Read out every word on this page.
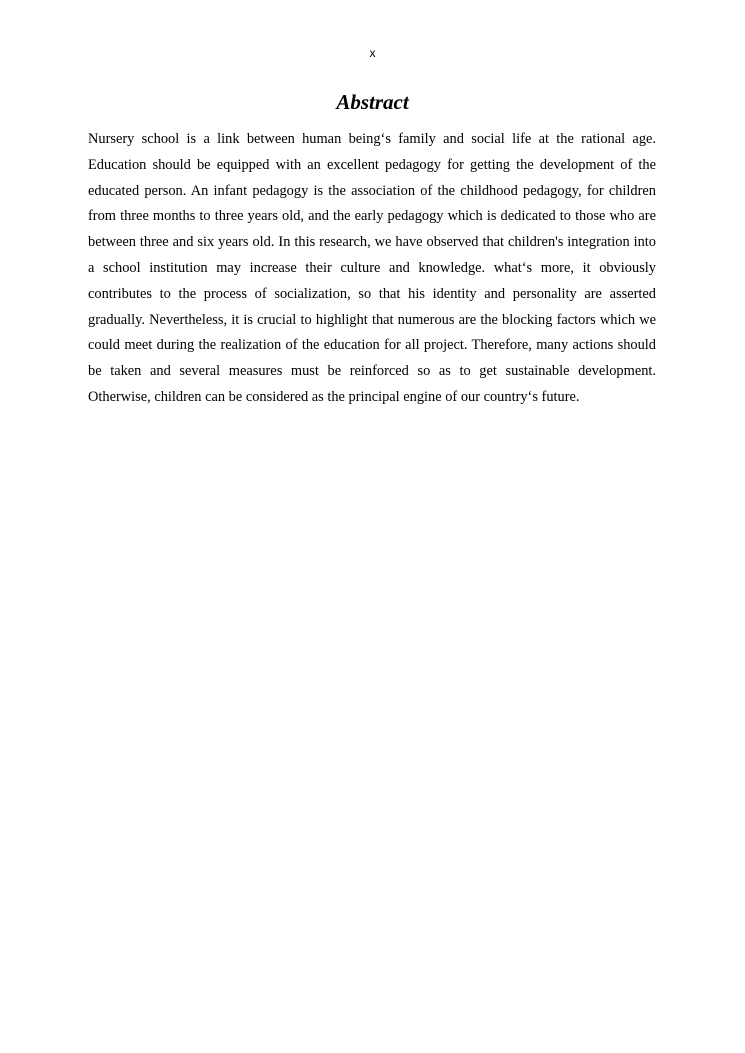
x
Abstract

Nursery school is a link between human being‘s family and social life at the rational age. Education should be equipped with an excellent pedagogy for getting the development of the educated person. An infant pedagogy is the association of the childhood pedagogy, for children from three months to three years old, and the early pedagogy which is dedicated to those who are between three and six years old. In this research, we have observed that children's integration into a school institution may increase their culture and knowledge. what‘s more, it obviously contributes to the process of socialization, so that his identity and personality are asserted gradually. Nevertheless, it is crucial to highlight that numerous are the blocking factors which we could meet during the realization of the education for all project. Therefore, many actions should be taken and several measures must be reinforced so as to get sustainable development. Otherwise, children can be considered as the principal engine of our country‘s future.
